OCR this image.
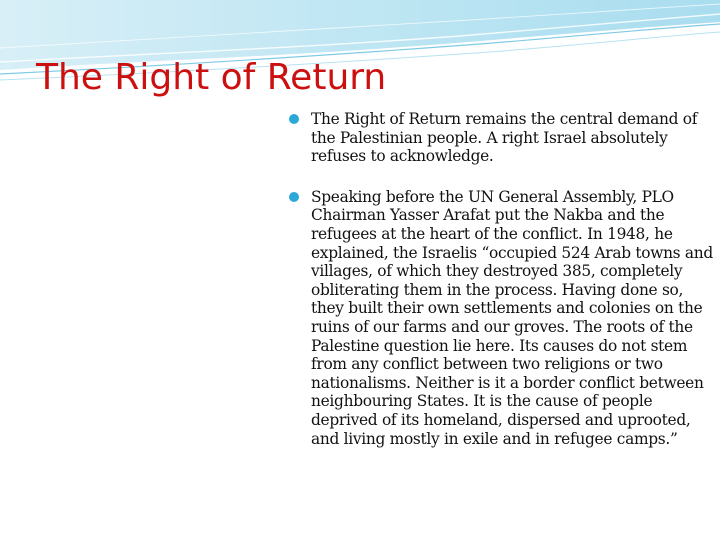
The Right of Return
The Right of Return remains the central demand of the Palestinian people. A right Israel absolutely refuses to acknowledge.
Speaking before the UN General Assembly, PLO Chairman Yasser Arafat put the Nakba and the refugees at the heart of the conflict. In 1948, he explained, the Israelis “occupied 524 Arab towns and villages, of which they destroyed 385, completely obliterating them in the process. Having done so, they built their own settlements and colonies on the ruins of our farms and our groves. The roots of the Palestine question lie here. Its causes do not stem from any conflict between two religions or two nationalisms. Neither is it a border conflict between neighbouring States. It is the cause of people deprived of its homeland, dispersed and uprooted, and living mostly in exile and in refugee camps.”
